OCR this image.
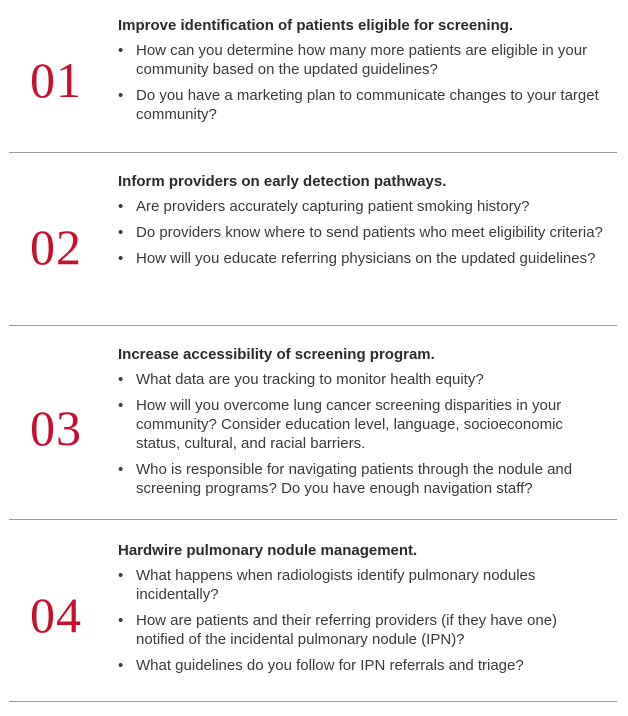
01
Improve identification of patients eligible for screening.
• How can you determine how many more patients are eligible in your community based on the updated guidelines?
• Do you have a marketing plan to communicate changes to your target community?
02
Inform providers on early detection pathways.
• Are providers accurately capturing patient smoking history?
• Do providers know where to send patients who meet eligibility criteria?
• How will you educate referring physicians on the updated guidelines?
03
Increase accessibility of screening program.
• What data are you tracking to monitor health equity?
• How will you overcome lung cancer screening disparities in your community? Consider education level, language, socioeconomic status, cultural, and racial barriers.
• Who is responsible for navigating patients through the nodule and screening programs? Do you have enough navigation staff?
04
Hardwire pulmonary nodule management.
• What happens when radiologists identify pulmonary nodules incidentally?
• How are patients and their referring providers (if they have one) notified of the incidental pulmonary nodule (IPN)?
• What guidelines do you follow for IPN referrals and triage?
